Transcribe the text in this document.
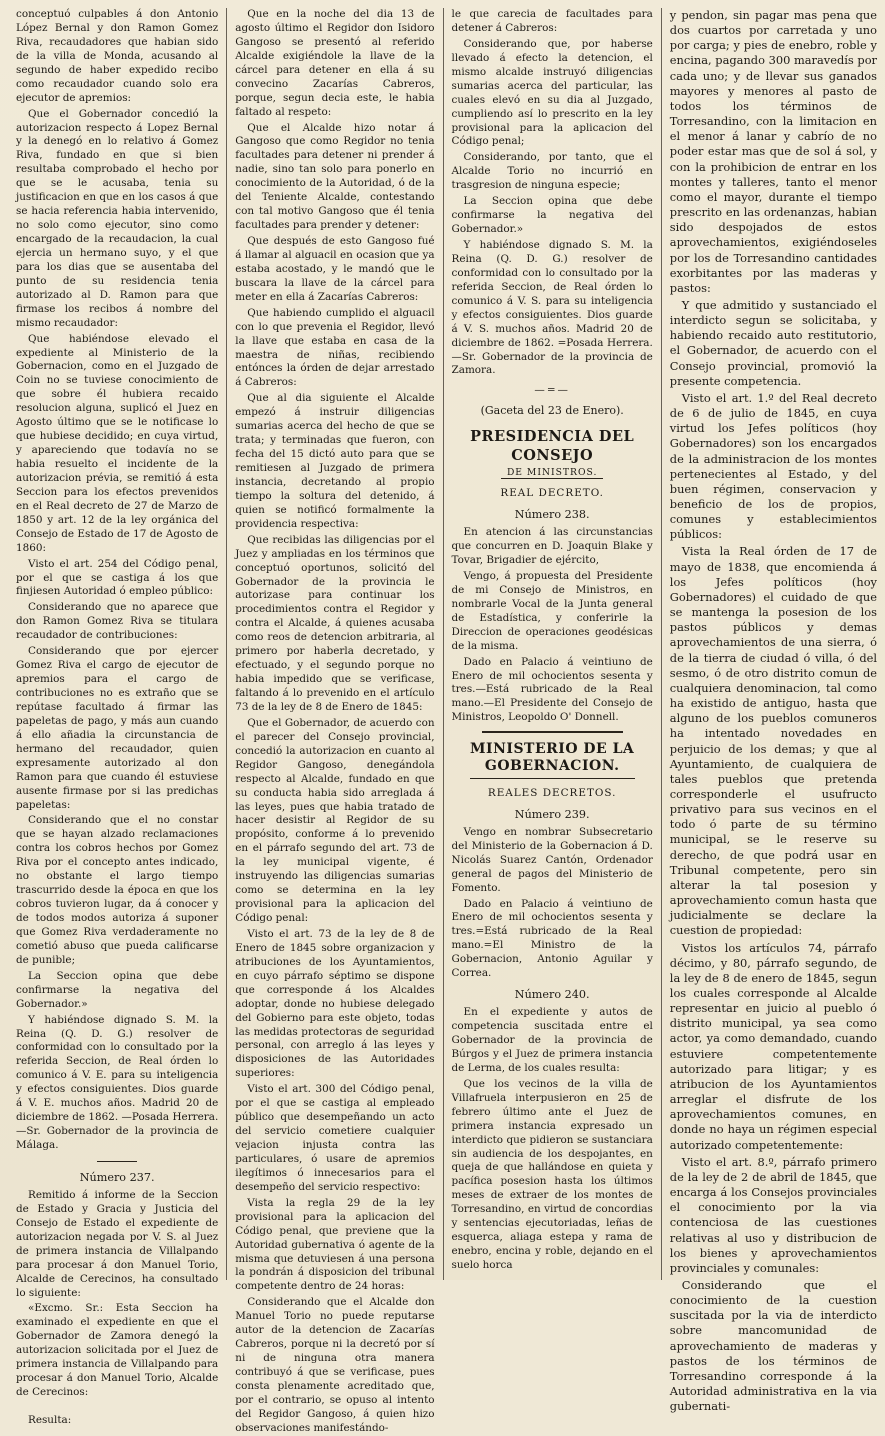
conceptuó culpables á don Antonio López Bernal y don Ramon Gomez Riva, recaudadores que habian sido de la villa de Monda, acusando al segundo de haber expedido recibo como recaudador cuando solo era ejecutor de apremios:

Que el Gobernador concedió la autorizacion respecto á Lopez Bernal y la denegó en lo relativo á Gomez Riva, fundado en que si bien resultaba comprobado el hecho por que se le acusaba, tenia su justificacion en que en los casos á que se hacia referencia habia intervenido, no solo como ejecutor, sino como encargado de la recaudacion, la cual ejercia un hermano suyo, y el que para los dias que se ausentaba del punto de su residencia tenia autorizado al D. Ramon para que firmase los recibos á nombre del mismo recaudador:

Que habiéndose elevado el expediente al Ministerio de la Gobernacion, como en el Juzgado de Coin no se tuviese conocimiento de que sobre él hubiera recaido resolucion alguna, suplicó el Juez en Agosto último que se le notificase lo que hubiese decidido; en cuya virtud, y apareciendo que todavía no se habia resuelto el incidente de la autorizacion prévia, se remitió á esta Seccion para los efectos prevenidos en el Real decreto de 27 de Marzo de 1850 y art. 12 de la ley orgánica del Consejo de Estado de 17 de Agosto de 1860:

Visto el art. 254 del Código penal, por el que se castiga á los que finjiesen Autoridad ó empleo público:

Considerando que no aparece que don Ramon Gomez Riva se titulara recaudador de contribuciones:

Considerando que por ejercer Gomez Riva el cargo de ejecutor de apremios para el cargo de contribuciones no es extraño que se repútase facultado á firmar las papeletas de pago, y más aun cuando á ello añadia la circunstancia de hermano del recaudador, quien expresamente autorizado al don Ramon para que cuando él estuviese ausente firmase por si las predichas papeletas:

Considerando que el no constar que se hayan alzado reclamaciones contra los cobros hechos por Gomez Riva por el concepto antes indicado, no obstante el largo tiempo trascurrido desde la época en que los cobros tuvieron lugar, da á conocer y de todos modos autoriza á suponer que Gomez Riva verdaderamente no cometió abuso que pueda calificarse de punible;

La Seccion opina que debe confirmarse la negativa del Gobernador.»

Y habiéndose dignado S. M. la Reina (Q. D. G.) resolver de conformidad con lo consultado por la referida Seccion, de Real órden lo comunico á V. E. para su inteligencia y efectos consiguientes. Dios guarde á V. E. muchos años. Madrid 20 de diciembre de 1862. —Posada Herrera.—Sr. Gobernador de la provincia de Málaga.

Número 237.

Remitido á informe de la Seccion de Estado y Gracia y Justicia del Consejo de Estado el expediente de autorizacion negada por V. S. al Juez de primera instancia de Villalpando para procesar á don Manuel Torio, Alcalde de Cerecinos, ha consultado lo siguiente:

«Excmo. Sr.: Esta Seccion ha examinado el expediente en que el Gobernador de Zamora denegó la autorizacion solicitada por el Juez de primera instancia de Villalpando para procesar á don Manuel Torio, Alcalde de Cerecinos:

Resulta:

Que en la noche del dia 13 de agosto último el Regidor don Isidoro Gangoso se presentó al referido Alcalde exigiéndole la llave de la cárcel para detener en ella á su convecino Zacarías Cabreros, porque, segun decia este, le habia faltado al respeto:

Que el Alcalde hizo notar á Gangoso que como Regidor no tenia facultades para detener ni prender á nadie, sino tan solo para ponerlo en conocimiento de la Autoridad, ó de la del Teniente Alcalde, contestando con tal motivo Gangoso que él tenia facultades para prender y detener:

Que después de esto Gangoso fué á llamar al alguacil en ocasion que ya estaba acostado, y le mandó que le buscara la llave de la cárcel para meter en ella á Zacarías Cabreros:

Que habiendo cumplido el alguacil con lo que prevenia el Regidor, llevó la llave que estaba en casa de la maestra de niñas, recibiendo entónces la órden de dejar arrestado á Cabreros:

Que al dia siguiente el Alcalde empezó á instruir diligencias sumarias acerca del hecho de que se trata; y terminadas que fueron, con fecha del 15 dictó auto para que se remitiesen al Juzgado de primera instancia, decretando al propio tiempo la soltura del detenido, á quien se notificó formalmente la providencia respectiva:

Que recibidas las diligencias por el Juez y ampliadas en los términos que conceptuó oportunos, solicitó del Gobernador de la provincia le autorizase para continuar los procedimientos contra el Regidor y contra el Alcalde, á quienes acusaba como reos de detencion arbitraria, al primero por haberla decretado, y efectuado, y el segundo porque no habia impedido que se verificase, faltando á lo prevenido en el artículo 73 de la ley de 8 de Enero de 1845:

Que el Gobernador, de acuerdo con el parecer del Consejo provincial, concedió la autorizacion en cuanto al Regidor Gangoso, denegándola respecto al Alcalde, fundado en que su conducta habia sido arreglada á las leyes, pues que habia tratado de hacer desistir al Regidor de su propósito, conforme á lo prevenido en el párrafo segundo del art. 73 de la ley municipal vigente, é instruyendo las diligencias sumarias como se determina en la ley provisional para la aplicacion del Código penal:

Visto el art. 73 de la ley de 8 de Enero de 1845 sobre organizacion y atribuciones de los Ayuntamientos, en cuyo párrafo séptimo se dispone que corresponde á los Alcaldes adoptar, donde no hubiese delegado del Gobierno para este objeto, todas las medidas protectoras de seguridad personal, con arreglo á las leyes y disposiciones de las Autoridades superiores:

Visto el art. 300 del Código penal, por el que se castiga al empleado público que desempeñando un acto del servicio cometiere cualquier vejacion injusta contra las particulares, ó usare de apremios ilegítimos ó innecesarios para el desempeño del servicio respectivo:

Vista la regla 29 de la ley provisional para la aplicacion del Código penal, que previene que la Autoridad gubernativa ó agente de la misma que detuviesen á una persona la pondrán á disposicion del tribunal competente dentro de 24 horas:

Considerando que el Alcalde don Manuel Torio no puede reputarse autor de la detencion de Zacarías Cabreros, porque ni la decretó por sí ni de ninguna otra manera contribuyó á que se verificase, pues consta plenamente acreditado que, por el contrario, se opuso al intento del Regidor Gangoso, á quien hizo observaciones manifestándo-

le que carecia de facultades para detener á Cabreros:

Considerando que, por haberse llevado á efecto la detencion, el mismo alcalde instruyó diligencias sumarias acerca del particular, las cuales elevó en su dia al Juzgado, cumpliendo así lo prescrito en la ley provisional para la aplicacion del Código penal;

Considerando, por tanto, que el Alcalde Torio no incurrió en trasgresion de ninguna especie;

La Seccion opina que debe confirmarse la negativa del Gobernador.»

Y habiéndose dignado S. M. la Reina (Q. D. G.) resolver de conformidad con lo consultado por la referida Seccion, de Real órden lo comunico á V. S. para su inteligencia y efectos consiguientes. Dios guarde á V. S. muchos años. Madrid 20 de diciembre de 1862. =Posada Herrera.—Sr. Gobernador de la provincia de Zamora.

—=—

(Gaceta del 23 de Enero).

PRESIDENCIA DEL CONSEJO

DE MINISTROS.

REAL DECRETO.

Número 238.

En atencion á las circunstancias que concurren en D. Joaquin Blake y Tovar, Brigadier de ejército,

Vengo, á propuesta del Presidente de mi Consejo de Ministros, en nombrarle Vocal de la Junta general de Estadística, y conferirle la Direccion de operaciones geodésicas de la misma.

Dado en Palacio á veintiuno de Enero de mil ochocientos sesenta y tres.—Está rubricado de la Real mano.—El Presidente del Consejo de Ministros, Leopoldo O' Donnell.

MINISTERIO DE LA GOBERNACION.

REALES DECRETOS.

Número 239.

Vengo en nombrar Subsecretario del Ministerio de la Gobernacion á D. Nicolás Suarez Cantón, Ordenador general de pagos del Ministerio de Fomento.

Dado en Palacio á veintiuno de Enero de mil ochocientos sesenta y tres.=Está rubricado de la Real mano.=El Ministro de la Gobernacion, Antonio Aguilar y Correa.

Número 240.

En el expediente y autos de competencia suscitada entre el Gobernador de la provincia de Búrgos y el Juez de primera instancia de Lerma, de los cuales resulta:

Que los vecinos de la villa de Villafruela interpusieron en 25 de febrero último ante el Juez de primera instancia expresado un interdicto que pidieron se sustanciara sin audiencia de los despojantes, en queja de que hallándose en quieta y pacífica posesion hasta los últimos meses de extraer de los montes de Torresandino, en virtud de concordias y sentencias ejecutoriadas, leñas de esquerca, aliaga estepa y rama de enebro, encina y roble, dejando en el suelo horca

y pendon, sin pagar mas pena que dos cuartos por carretada y uno por carga; y pies de enebro, roble y encina, pagando 300 maravedís por cada uno; y de llevar sus ganados mayores y menores al pasto de todos los términos de Torresandino, con la limitacion en el menor á lanar y cabrío de no poder estar mas que de sol á sol, y con la prohibicion de entrar en los montes y talleres, tanto el menor como el mayor, durante el tiempo prescrito en las ordenanzas, habian sido despojados de estos aprovechamientos, exigiéndoseles por los de Torresandino cantidades exorbitantes por las maderas y pastos:

Y que admitido y sustanciado el interdicto segun se solicitaba, y habiendo recaido auto restitutorio, el Gobernador, de acuerdo con el Consejo provincial, promovió la presente competencia.

Visto el art. 1.º del Real decreto de 6 de julio de 1845, en cuya virtud los Jefes políticos (hoy Gobernadores) son los encargados de la administracion de los montes pertenecientes al Estado, y del buen régimen, conservacion y beneficio de los de propios, comunes y establecimientos públicos:

Vista la Real órden de 17 de mayo de 1838, que encomienda á los Jefes políticos (hoy Gobernadores) el cuidado de que se mantenga la posesion de los pastos públicos y demas aprovechamientos de una sierra, ó de la tierra de ciudad ó villa, ó del sesmo, ó de otro distrito comun de cualquiera denominacion, tal como ha existido de antiguo, hasta que alguno de los pueblos comuneros ha intentado novedades en perjuicio de los demas; y que al Ayuntamiento, de cualquiera de tales pueblos que pretenda corresponderle el usufructo privativo para sus vecinos en el todo ó parte de su término municipal, se le reserve su derecho, de que podrá usar en Tribunal competente, pero sin alterar la tal posesion y aprovechamiento comun hasta que judicialmente se declare la cuestion de propiedad:

Vistos los artículos 74, párrafo décimo, y 80, párrafo segundo, de la ley de 8 de enero de 1845, segun los cuales corresponde al Alcalde representar en juicio al pueblo ó distrito municipal, ya sea como actor, ya como demandado, cuando estuviere competentemente autorizado para litigar; y es atribucion de los Ayuntamientos arreglar el disfrute de los aprovechamientos comunes, en donde no haya un régimen especial autorizado competentemente:

Visto el art. 8.º, párrafo primero de la ley de 2 de abril de 1845, que encarga á los Consejos provinciales el conocimiento por la via contenciosa de las cuestiones relativas al uso y distribucion de los bienes y aprovechamientos provinciales y comunales:

Considerando que el conocimiento de la cuestion suscitada por la via de interdicto sobre mancomunidad de aprovechamiento de maderas y pastos de los términos de Torresandino corresponde á la Autoridad administrativa en la via gubernati-
